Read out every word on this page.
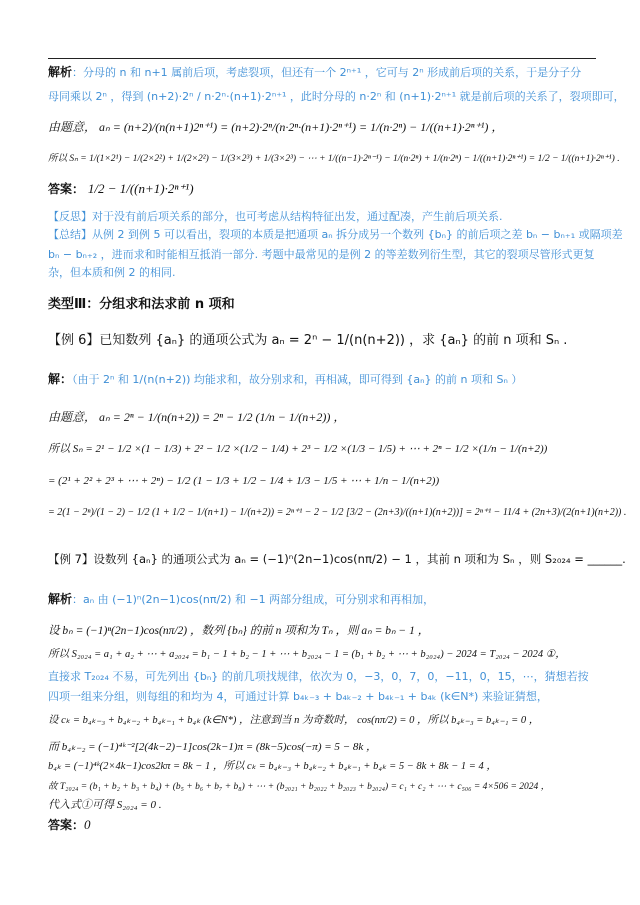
解析：分母的 n 和 n+1 属前后项，考虑裂项，但还有一个 2ⁿ⁺¹ ，它可与 2ⁿ 形成前后项的关系，于是分子分
母同乘以 2ⁿ ，得到 (n+2)·2ⁿ / n·2ⁿ·(n+1)·2ⁿ⁺¹ ，此时分母的 n·2ⁿ 和 (n+1)·2ⁿ⁺¹ 就是前后项的关系了，裂项即可，
由题意， aₙ = (n+2)/(n(n+1)2ⁿ⁺¹) = (n+2)·2ⁿ/(n·2ⁿ·(n+1)·2ⁿ⁺¹) = 1/(n·2ⁿ) − 1/((n+1)·2ⁿ⁺¹) ，
所以 Sₙ = 1/(1×2¹) − 1/(2×2²) + 1/(2×2²) − 1/(3×2³) + 1/(3×2³) − ⋯ + 1/((n−1)·2ⁿ⁻¹) − 1/(n·2ⁿ) + 1/(n·2ⁿ) − 1/((n+1)·2ⁿ⁺¹) = 1/2 − 1/((n+1)·2ⁿ⁺¹) .
答案： 1/2 − 1/((n+1)·2ⁿ⁺¹)
【反思】对于没有前后项关系的部分，也可考虑从结构特征出发，通过配凑，产生前后项关系.
【总结】从例 2 到例 5 可以看出，裂项的本质是把通项 aₙ 拆分成另一个数列 {bₙ} 的前后项之差 bₙ − bₙ₊₁ 或隔项差
bₙ − bₙ₊₂ ，进而求和时能相互抵消一部分. 考题中最常见的是例 2 的等差数列衍生型，其它的裂项尽管形式更复
杂，但本质和例 2 的相同.
类型Ⅲ：分组求和法求前 n 项和
【例 6】已知数列 {aₙ} 的通项公式为 aₙ = 2ⁿ − 1/(n(n+2)) ，求 {aₙ} 的前 n 项和 Sₙ .
解：（由于 2ⁿ 和 1/(n(n+2)) 均能求和，故分别求和，再相减，即可得到 {aₙ} 的前 n 项和 Sₙ ）
由题意， aₙ = 2ⁿ − 1/(n(n+2)) = 2ⁿ − 1/2 (1/n − 1/(n+2)) ，
所以 Sₙ = 2¹ − 1/2 ×(1 − 1/3) + 2² − 1/2 ×(1/2 − 1/4) + 2³ − 1/2 ×(1/3 − 1/5) + ⋯ + 2ⁿ − 1/2 ×(1/n − 1/(n+2))
= (2¹ + 2² + 2³ + ⋯ + 2ⁿ) − 1/2 (1 − 1/3 + 1/2 − 1/4 + 1/3 − 1/5 + ⋯ + 1/n − 1/(n+2))
= 2(1 − 2ⁿ)/(1 − 2) − 1/2 (1 + 1/2 − 1/(n+1) − 1/(n+2)) = 2ⁿ⁺¹ − 2 − 1/2 [3/2 − (2n+3)/((n+1)(n+2))] = 2ⁿ⁺¹ − 11/4 + (2n+3)/(2(n+1)(n+2)) .
【例 7】设数列 {aₙ} 的通项公式为 aₙ = (−1)ⁿ(2n−1)cos(nπ/2) − 1 ，其前 n 项和为 Sₙ ，则 S₂₀₂₄ = ______.
解析：aₙ 由 (−1)ⁿ(2n−1)cos(nπ/2) 和 −1 两部分组成，可分别求和再相加，
设 bₙ = (−1)ⁿ(2n−1)cos(nπ/2) ，数列 {bₙ} 的前 n 项和为 Tₙ ，则 aₙ = bₙ − 1 ，
所以 S₂₀₂₄ = a₁ + a₂ + ⋯ + a₂₀₂₄ = b₁ − 1 + b₂ − 1 + ⋯ + b₂₀₂₄ − 1 = (b₁ + b₂ + ⋯ + b₂₀₂₄) − 2024 = T₂₀₂₄ − 2024 ①，
直接求 T₂₀₂₄ 不易，可先列出 {bₙ} 的前几项找规律，依次为 0，−3，0，7，0，−11，0，15，⋯，猜想若按
四项一组来分组，则每组的和均为 4，可通过计算 b₄ₖ₋₃ + b₄ₖ₋₂ + b₄ₖ₋₁ + b₄ₖ (k∈N*) 来验证猜想，
设 cₖ = b₄ₖ₋₃ + b₄ₖ₋₂ + b₄ₖ₋₁ + b₄ₖ (k∈N*) ，注意到当 n 为奇数时， cos(nπ/2) = 0 ，所以 b₄ₖ₋₃ = b₄ₖ₋₁ = 0 ，
而 b₄ₖ₋₂ = (−1)⁴ᵏ⁻²[2(4k−2)−1]cos(2k−1)π = (8k−5)cos(−π) = 5 − 8k ，
b₄ₖ = (−1)⁴ᵏ(2×4k−1)cos2kπ = 8k − 1 ，所以 cₖ = b₄ₖ₋₃ + b₄ₖ₋₂ + b₄ₖ₋₁ + b₄ₖ = 5 − 8k + 8k − 1 = 4 ，
故 T₂₀₂₄ = (b₁ + b₂ + b₃ + b₄) + (b₅ + b₆ + b₇ + b₈) + ⋯ + (b₂₀₂₁ + b₂₀₂₂ + b₂₀₂₃ + b₂₀₂₄) = c₁ + c₂ + ⋯ + c₅₀₆ = 4×506 = 2024 ，
代入式①可得 S₂₀₂₄ = 0 .
答案：0
